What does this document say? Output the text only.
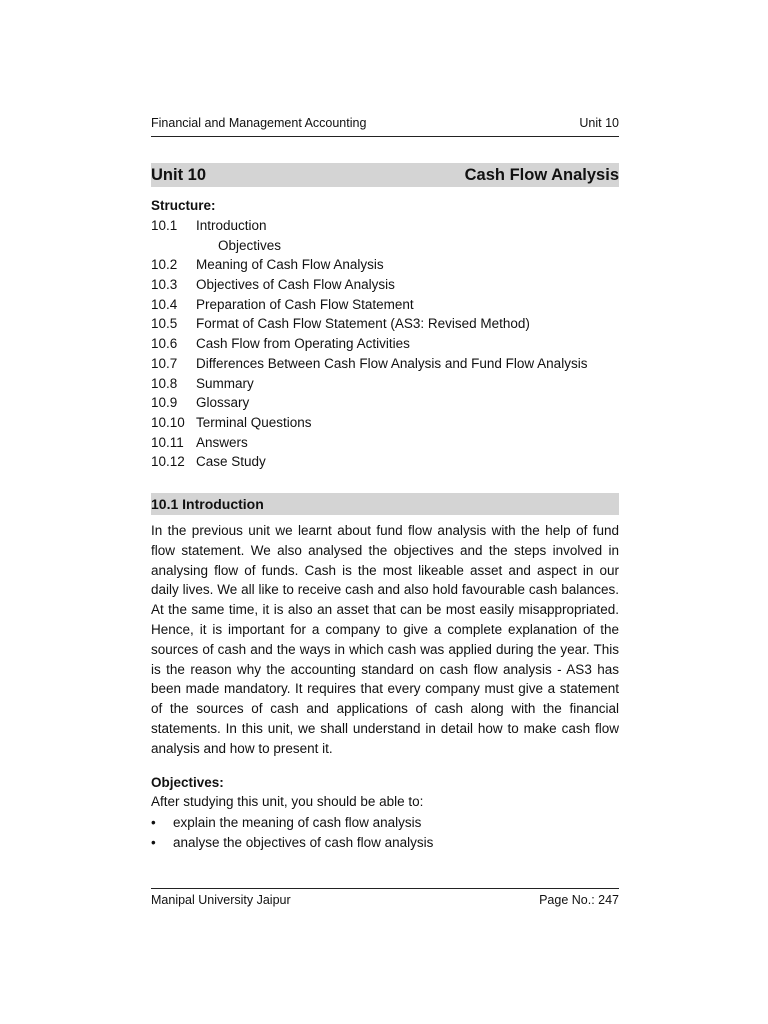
Financial and Management Accounting	Unit 10
Unit 10	Cash Flow Analysis
Structure:
10.1 Introduction
Objectives
10.2 Meaning of Cash Flow Analysis
10.3 Objectives of Cash Flow Analysis
10.4 Preparation of Cash Flow Statement
10.5 Format of Cash Flow Statement (AS3: Revised Method)
10.6 Cash Flow from Operating Activities
10.7 Differences Between Cash Flow Analysis and Fund Flow Analysis
10.8 Summary
10.9 Glossary
10.10 Terminal Questions
10.11 Answers
10.12 Case Study
10.1 Introduction
In the previous unit we learnt about fund flow analysis with the help of fund flow statement. We also analysed the objectives and the steps involved in analysing flow of funds. Cash is the most likeable asset and aspect in our daily lives. We all like to receive cash and also hold favourable cash balances. At the same time, it is also an asset that can be most easily misappropriated. Hence, it is important for a company to give a complete explanation of the sources of cash and the ways in which cash was applied during the year. This is the reason why the accounting standard on cash flow analysis - AS3 has been made mandatory. It requires that every company must give a statement of the sources of cash and applications of cash along with the financial statements. In this unit, we shall understand in detail how to make cash flow analysis and how to present it.
Objectives:
After studying this unit, you should be able to:
• explain the meaning of cash flow analysis
• analyse the objectives of cash flow analysis
Manipal University Jaipur	Page No.: 247
